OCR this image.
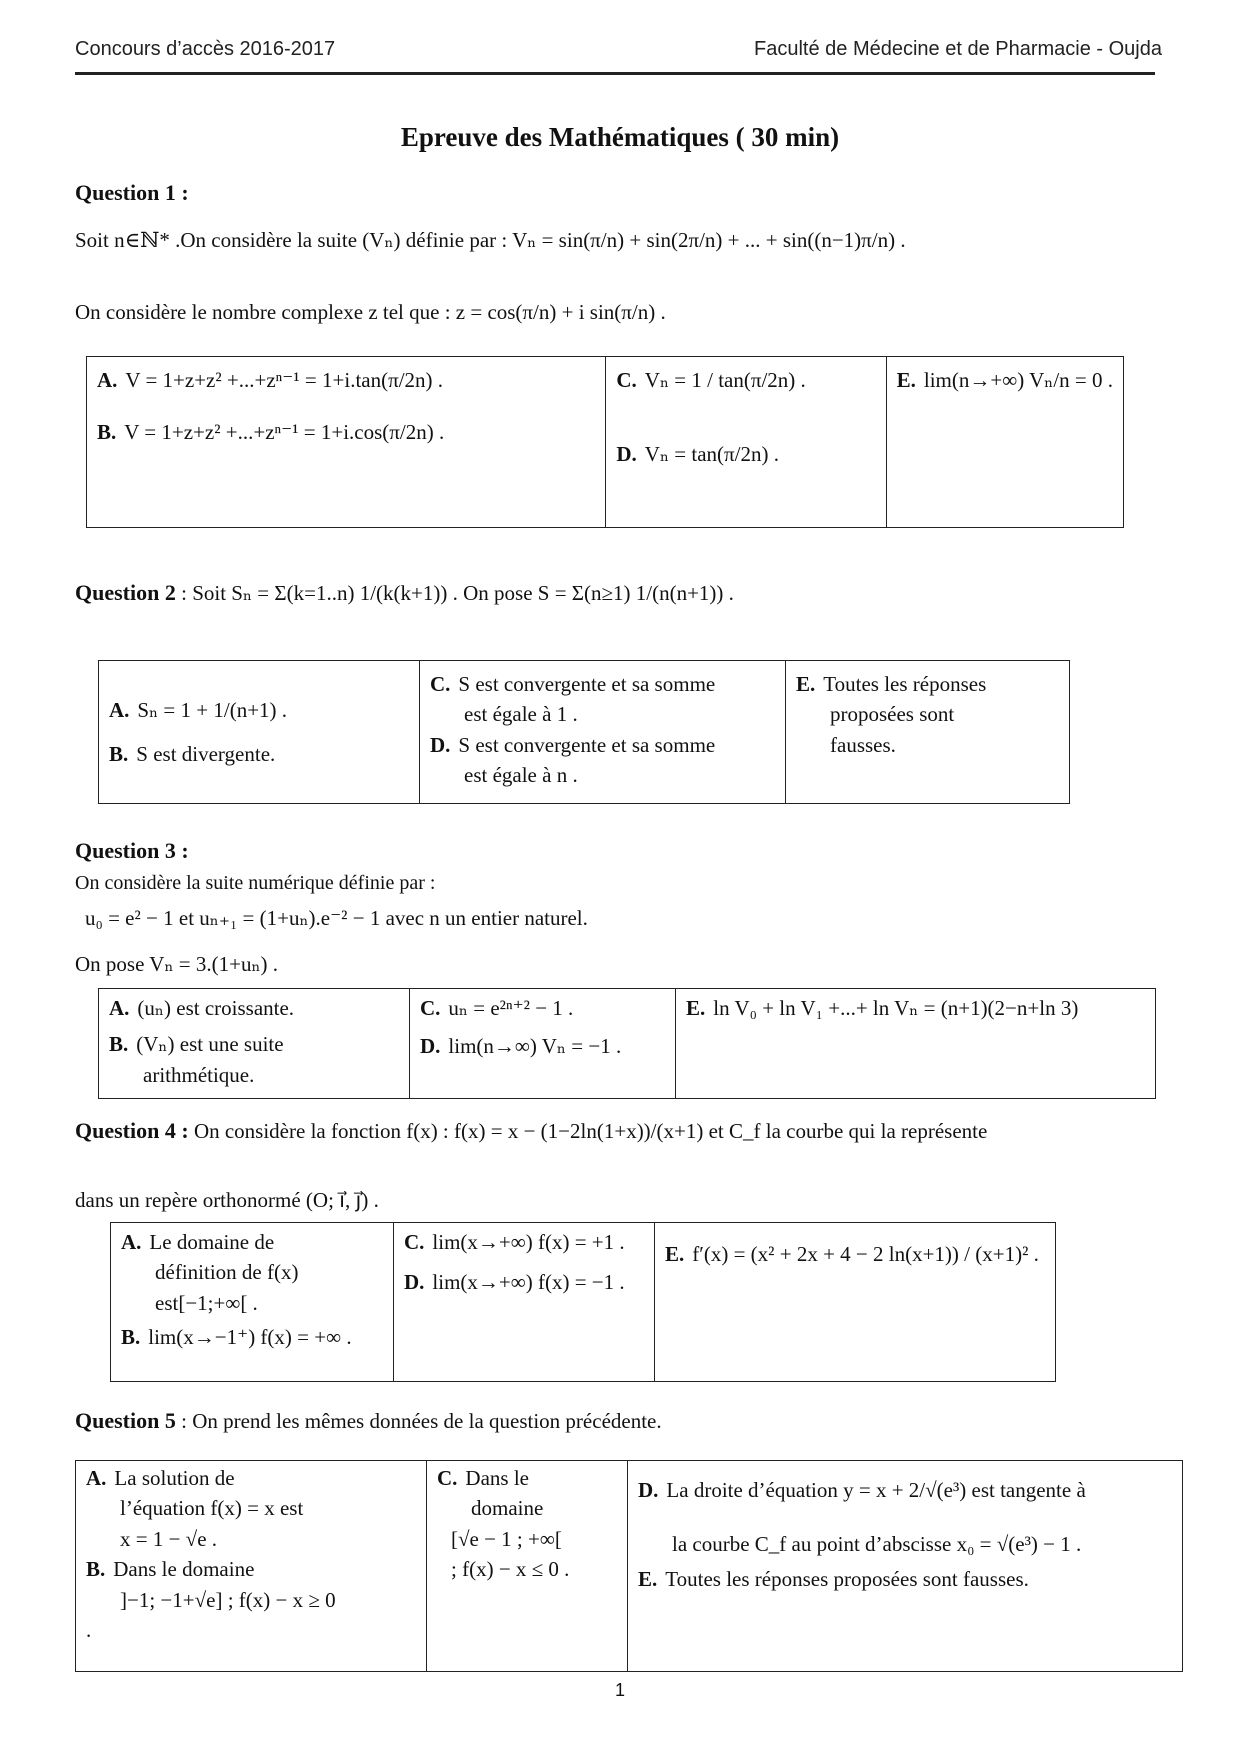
Concours d’accès 2016-2017	Faculté de Médecine et de Pharmacie - Oujda
Epreuve des Mathématiques ( 30 min)
Question 1 :
Soit n∈ℕ* .On considère la suite (Vₙ) définie par : Vₙ = sin(π/n) + sin(2π/n) + ... + sin((n−1)π/n) .
On considère le nombre complexe z tel que : z = cos(π/n) + i sin(π/n) .
A. V = 1+z+z² +...+zⁿ⁻¹ = 1+i.tan(π/2n) .
B. V = 1+z+z² +...+zⁿ⁻¹ = 1+i.cos(π/2n) .

C. Vₙ = 1 / tan(π/2n) .
D. Vₙ = tan(π/2n) .

E. lim(n→+∞) Vₙ/n = 0 .
Question 2 : Soit Sₙ = Σ(k=1..n) 1/(k(k+1)) . On pose S = Σ(n≥1) 1/(n(n+1)) .
A. Sₙ = 1 + 1/(n+1) .
B. S est divergente.

C. S est convergente et sa somme
est égale à 1 .
D. S est convergente et sa somme
est égale à n .

E. Toutes les réponses
proposées sont
fausses.
Question 3 :
On considère la suite numérique définie par :
u₀ = e² − 1 et uₙ₊₁ = (1+uₙ).e⁻² − 1 avec n un entier naturel.
On pose Vₙ = 3.(1+uₙ) .
A. (uₙ) est croissante.
B. (Vₙ) est une suite
arithmétique.

C. uₙ = e²ⁿ⁺² − 1 .
D. lim(n→∞) Vₙ = −1 .

E. ln V₀ + ln V₁ +...+ ln Vₙ = (n+1)(2−n+ln 3)
Question 4 : On considère la fonction f(x) : f(x) = x − (1−2ln(1+x))/(x+1) et C_f la courbe qui la représente
dans un repère orthonormé (O; i⃗, j⃗) .
A. Le domaine de
définition de f(x)
est[−1;+∞[ .
B. lim(x→−1⁺) f(x) = +∞ .

C. lim(x→+∞) f(x) = +1 .
D. lim(x→+∞) f(x) = −1 .

E. f′(x) = (x² + 2x + 4 − 2 ln(x+1)) / (x+1)² .
Question 5 : On prend les mêmes données de la question précédente.
A. La solution de
l’équation f(x) = x est
x = 1 − √e .
B. Dans le domaine
]−1; −1+√e] ; f(x) − x ≥ 0
.

C. Dans le
domaine
[√e − 1 ; +∞[
; f(x) − x ≤ 0 .

D. La droite d’équation y = x + 2/√(e³) est tangente à
la courbe C_f au point d’abscisse x₀ = √(e³) − 1 .
E. Toutes les réponses proposées sont fausses.
1
